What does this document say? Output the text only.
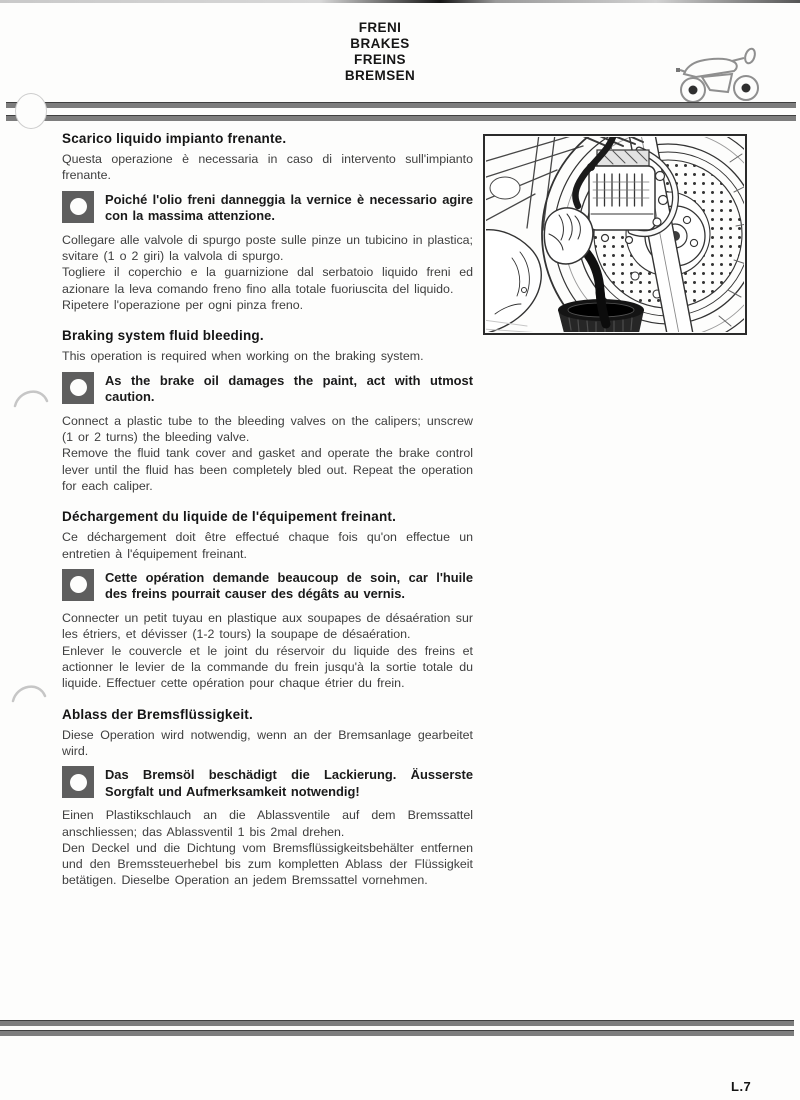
FRENI
BRAKES
FREINS
BREMSEN
Scarico liquido impianto frenante.

Questa operazione è necessaria in caso di intervento sull'impianto frenante.

Poiché l'olio freni danneggia la vernice è necessario agire con la massima attenzione.

Collegare alle valvole di spurgo poste sulle pinze un tubicino in plastica; svitare (1 o 2 giri) la valvola di spurgo.

Togliere il coperchio e la guarnizione dal serbatoio liquido freni ed azionare la leva comando freno fino alla totale fuoriuscita del liquido.

Ripetere l'operazione per ogni pinza freno.

Braking system fluid bleeding.

This operation is required when working on the braking system.

As the brake oil damages the paint, act with utmost caution.

Connect a plastic tube to the bleeding valves on the calipers; unscrew (1 or 2 turns) the bleeding valve.

Remove the fluid tank cover and gasket and operate the brake control lever until the fluid has been completely bled out. Repeat the operation for each caliper.

Déchargement du liquide de l'équipement freinant.

Ce déchargement doit être effectué chaque fois qu'on effectue un entretien à l'équipement freinant.

Cette opération demande beaucoup de soin, car l'huile des freins pourrait causer des dégâts au vernis.

Connecter un petit tuyau en plastique aux soupapes de désaération sur les étriers, et dévisser (1-2 tours) la soupape de désaération.

Enlever le couvercle et le joint du réservoir du liquide des freins et actionner le levier de la commande du frein jusqu'à la sortie totale du liquide. Effectuer cette opération pour chaque étrier du frein.

Ablass der Bremsflüssigkeit.

Diese Operation wird notwendig, wenn an der Bremsanlage gearbeitet wird.

Das Bremsöl beschädigt die Lackierung. Äusserste Sorgfalt und Aufmerksamkeit notwendig!

Einen Plastikschlauch an die Ablassventile auf dem Bremssattel anschliessen; das Ablassventil 1 bis 2mal drehen.

Den Deckel und die Dichtung vom Bremsflüssigkeitsbehälter entfernen und den Bremssteuerhebel bis zum kompletten Ablass der Flüssigkeit betätigen. Dieselbe Operation an jedem Bremssattel vornehmen.

L.7
